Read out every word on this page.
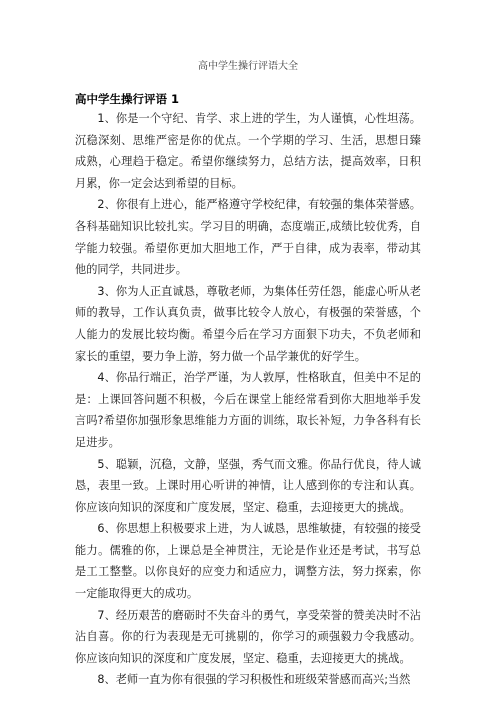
高中学生操行评语大全
高中学生操行评语 1

1、你是一个守纪、肯学、求上进的学生，为人谨慎，心性坦荡。沉稳深刻、思维严密是你的优点。一个学期的学习、生活，思想日臻成熟，心理趋于稳定。希望你继续努力，总结方法，提高效率，日积月累，你一定会达到希望的目标。

2、你很有上进心，能严格遵守学校纪律，有较强的集体荣誉感。各科基础知识比较扎实。学习目的明确，态度端正,成绩比较优秀，自学能力较强。希望你更加大胆地工作，严于自律，成为表率，带动其他的同学，共同进步。

3、你为人正直诚恳，尊敬老师，为集体任劳任怨，能虚心听从老师的教导，工作认真负责，做事比较令人放心，有极强的荣誉感，个人能力的发展比较均衡。希望今后在学习方面狠下功夫，不负老师和家长的重望，要力争上游，努力做一个品学兼优的好学生。

4、你品行端正，治学严谨，为人敦厚，性格耿直，但美中不足的是：上课回答问题不积极，今后在课堂上能经常看到你大胆地举手发言吗?希望你加强形象思维能力方面的训练，取长补短，力争各科有长足进步。

5、聪颖，沉稳，文静，坚强，秀气而文雅。你品行优良，待人诚恳，表里一致。上课时用心听讲的神情，让人感到你的专注和认真。你应该向知识的深度和广度发展，坚定、稳重，去迎接更大的挑战。

6、你思想上积极要求上进，为人诚恳，思维敏捷，有较强的接受能力。儒雅的你，上课总是全神贯注，无论是作业还是考试，书写总是工工整整。以你良好的应变力和适应力，调整方法，努力探索，你一定能取得更大的成功。

7、经历艰苦的磨砺时不失奋斗的勇气，享受荣誉的赞美决时不沾沾自喜。你的行为表现是无可挑剔的，你学习的顽强毅力令我感动。你应该向知识的深度和广度发展，坚定、稳重，去迎接更大的挑战。

8、老师一直为你有很强的学习积极性和班级荣誉感而高兴;当然
